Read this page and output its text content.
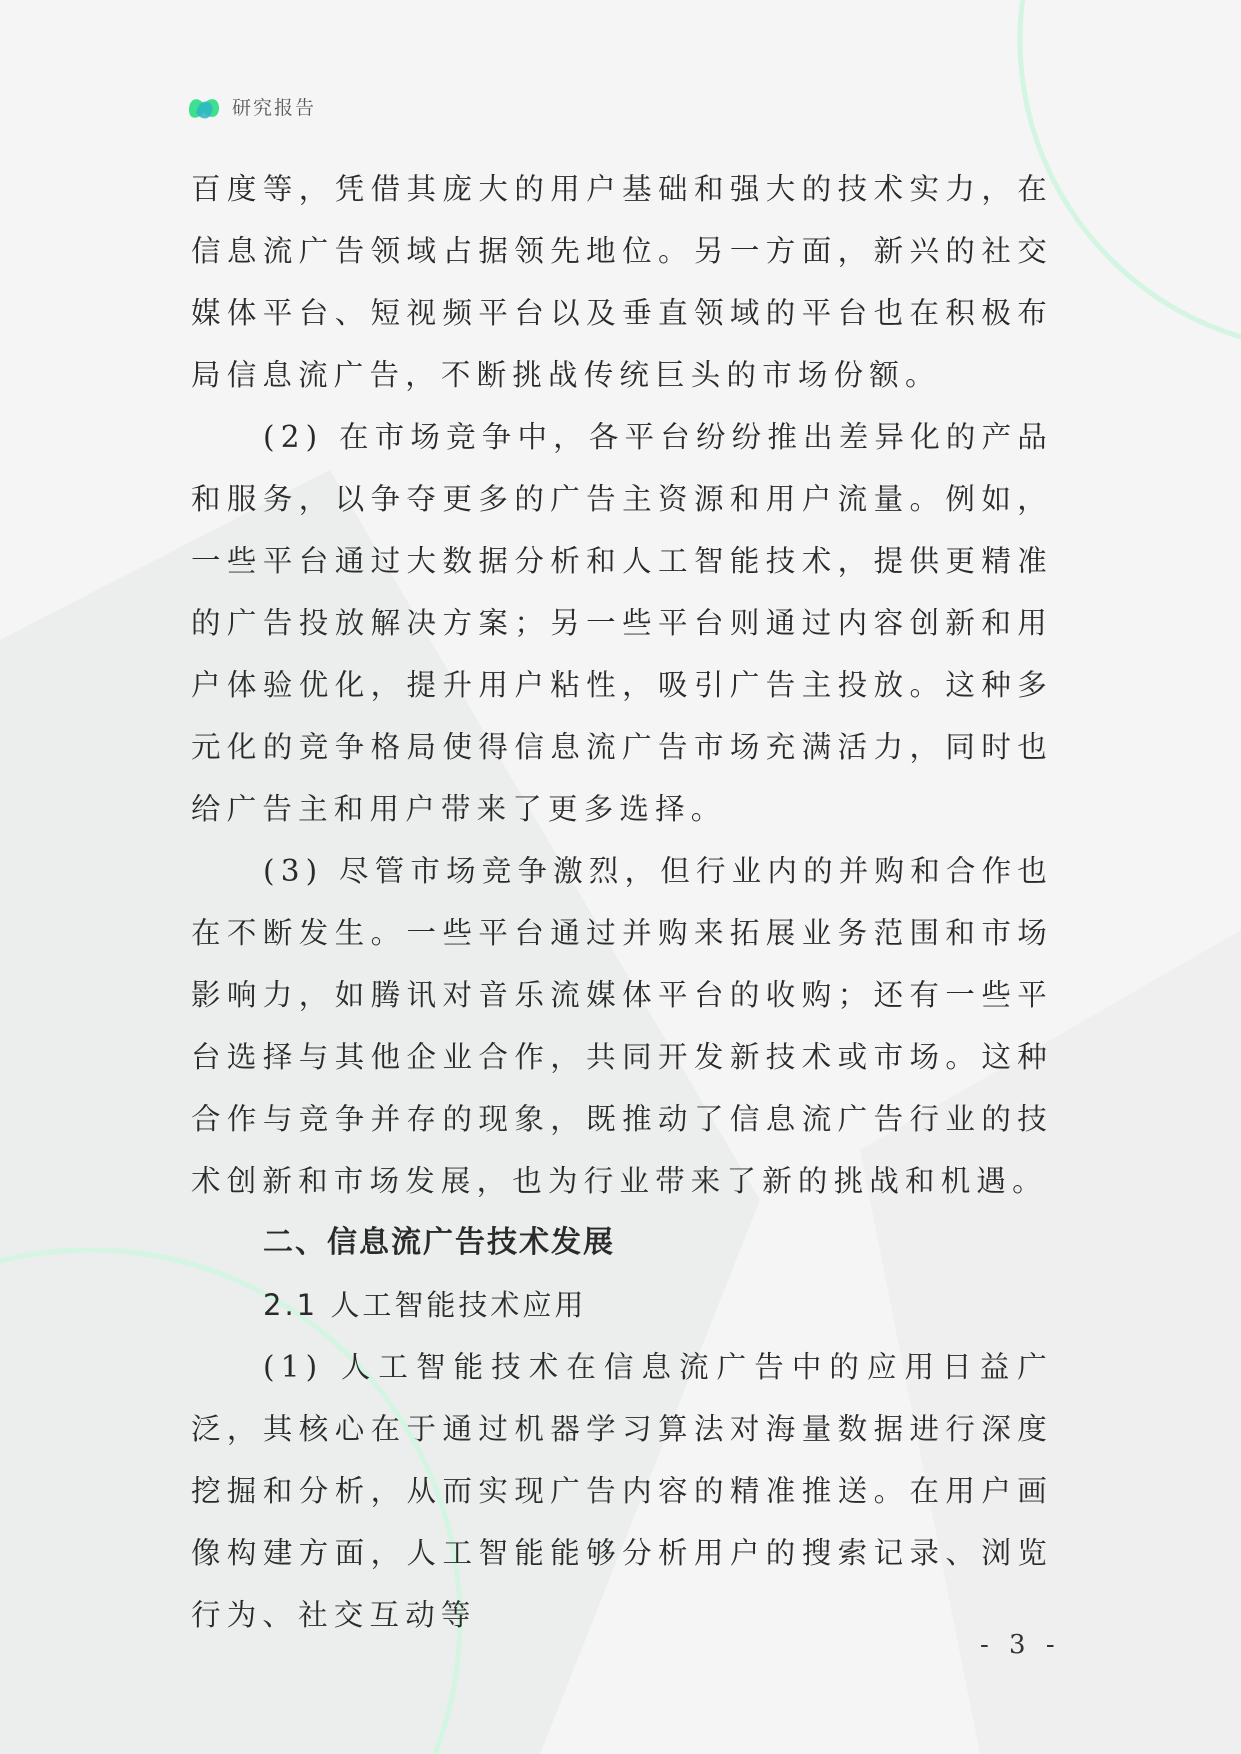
研究报告

百度等，凭借其庞大的用户基础和强大的技术实力，在信息流广告领域占据领先地位。另一方面，新兴的社交媒体平台、短视频平台以及垂直领域的平台也在积极布局信息流广告，不断挑战传统巨头的市场份额。

(2) 在市场竞争中，各平台纷纷推出差异化的产品和服务，以争夺更多的广告主资源和用户流量。例如，一些平台通过大数据分析和人工智能技术，提供更精准的广告投放解决方案；另一些平台则通过内容创新和用户体验优化，提升用户粘性，吸引广告主投放。这种多元化的竞争格局使得信息流广告市场充满活力，同时也给广告主和用户带来了更多选择。

(3) 尽管市场竞争激烈，但行业内的并购和合作也在不断发生。一些平台通过并购来拓展业务范围和市场影响力，如腾讯对音乐流媒体平台的收购；还有一些平台选择与其他企业合作，共同开发新技术或市场。这种合作与竞争并存的现象，既推动了信息流广告行业的技术创新和市场发展，也为行业带来了新的挑战和机遇。

二、信息流广告技术发展

2.1 人工智能技术应用

(1) 人工智能技术在信息流广告中的应用日益广泛，其核心在于通过机器学习算法对海量数据进行深度挖掘和分析，从而实现广告内容的精准推送。在用户画像构建方面，人工智能能够分析用户的搜索记录、浏览行为、社交互动等

- 3 -
